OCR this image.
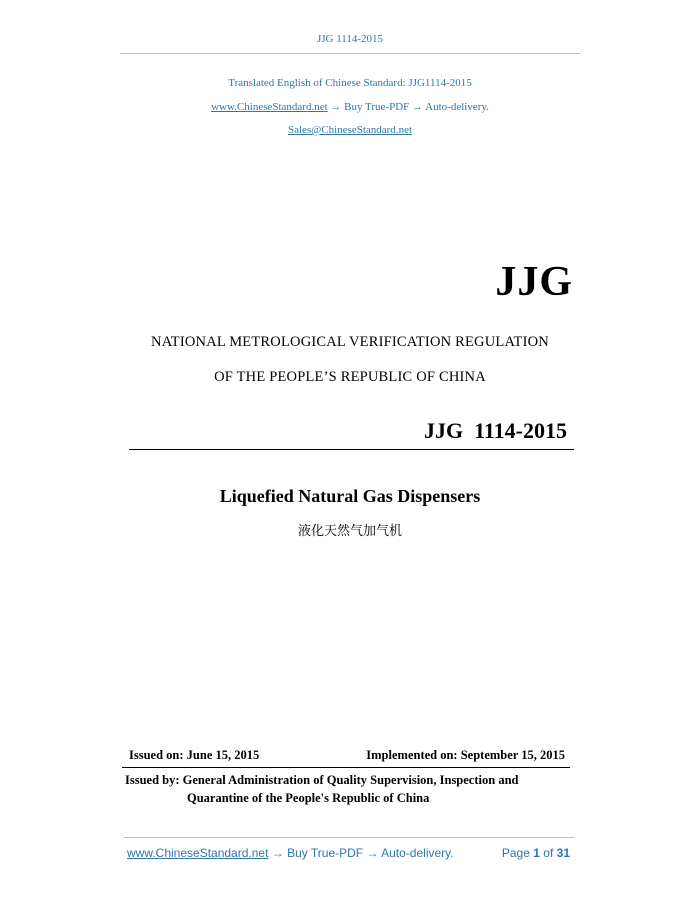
JJG 1114-2015
Translated English of Chinese Standard: JJG1114-2015
www.ChineseStandard.net → Buy True-PDF → Auto-delivery.
Sales@ChineseStandard.net
JJG
NATIONAL METROLOGICAL VERIFICATION REGULATION
OF THE PEOPLE’S REPUBLIC OF CHINA
JJG  1114-2015
Liquefied Natural Gas Dispensers
液化天然气加气机
Issued on: June 15, 2015	Implemented on: September 15, 2015
Issued by: General Administration of Quality Supervision, Inspection and
Quarantine of the People's Republic of China
www.ChineseStandard.net → Buy True-PDF → Auto-delivery.	Page 1 of 31
